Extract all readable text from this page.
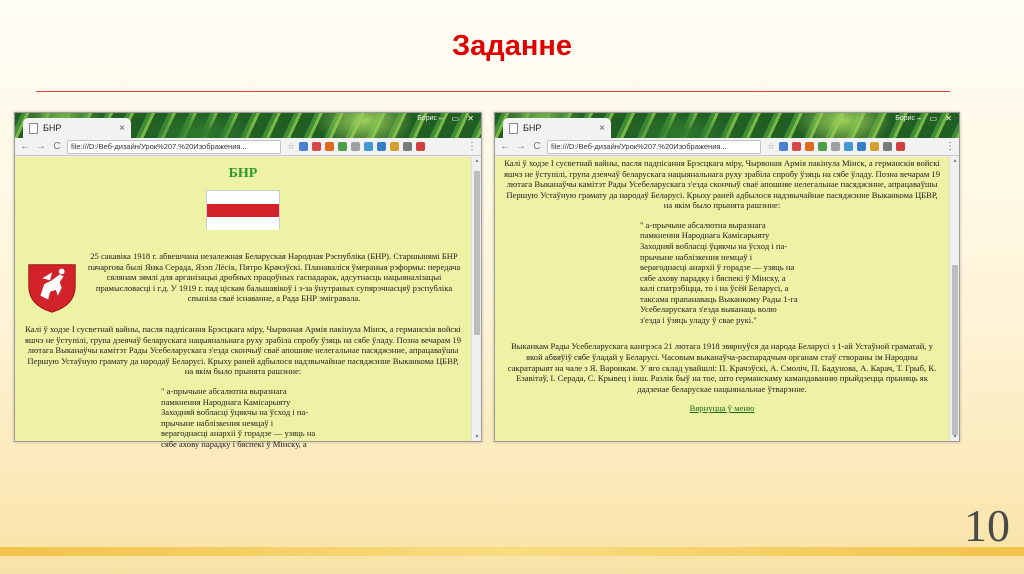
Заданне
БНР	×
Борис – ▭ ✕
← → C	file:///D:/Веб-дизайн/Урок%207.%20Изображения...	☆	⋮
БНР
25 сакавіка 1918 г. абвешчана незалежная Беларуская Народная Рэспубліка (БНР). Старшынямі БНР пачаргова былі Янка Серада, Язэп Лёсік, Пятро Крачэўскі. Планаваліся ўмераныя рэформы: передача сялянам зямлі для арганізацыі дробных працоўных гаспадарак, адсутнасць нацыяналізацыі прамысловасці і г.д. У 1919 г. пад ціскам бальшавікоў і з-за ўнутраных супярэчнасцяў рэспубліка спыніла сваё існаванне, а Рада БНР эмігравала.

Калі ў ходзе І сусветнай вайны, пасля падпісання Брэсцкага міру, Чырвоная Армія пакінула Мінск, а германскія войскі яшчэ не ўступілі, група дзеячаў беларускага нацыянальнага руху зрабіла спробу ўзяць на сябе ўладу. Позна вечарам 19 лютага Выканаўчы камітэт Рады Усебеларускага з'езда скончыў сваё апошняе нелегальнае пасяджэнне, апрацаваўшы Першую Устаўную грамату да народаў Беларусі. Крыху раней адбылося надзвычайнае пасяджэнне Выканкома ЦБВР, на якім было прынята рашэнне:

" а-прычыне абсалютна выразнага
памкнення Народнага Камісарыяту
Заходняй вобласці ўцякчы на ўсход і па-
прычыне наблізкення немцаў і
верагоднасці анархіі ў горадзе — узяць на
сябе ахову парадку і бяспекі ў Мінску, а
▲
▼
БНР	×
Борис – ▭ ✕
← → C	file:///D:/Веб-дизайн/Урок%207.%20Изображения...	☆	⋮

Калі ў ходзе І сусветнай вайны, пасля падпісання Брэсцкага міру, Чырвоная Армія пакінула Мінск, а германскія войскі яшчэ не ўступілі, група дзеячаў беларускага нацыянальнага руху зрабіла спробу ўзяць на сябе ўладу. Позна вечарам 19 лютага Выканаўчы камітэт Рады Усебеларускага з'езда скончыў сваё апошняе нелегальнае пасяджэнне, апрацаваўшы Першую Устаўную грамату да народаў Беларусі. Крыху раней адбылося надзвычайнае пасяджэнне Выканкома ЦБВР, на якім было прынята рашэнне:

" а-прычыне абсалютна выразнага
памкнення Народнага Камісарыяту
Заходняй вобласці ўцякчы на ўсход і па-
прычыне наблізкення немцаў і
верагоднасці анархіі ў горадзе — узяць на
сябе ахову парадку і бяспекі ў Мінску, а
калі спатрэбіцца, то і на ўсёй Беларусі, а
таксама прапанаваць Выканкому Рады 1-га
Усебеларускага з'езда выканаць волю
з'езда і ўзяць уладу ў свае рукі."

Выканкам Рады Усебеларускага кангрэса 21 лютага 1918 звярнуўся да народа Беларусі з 1-ай Устаўной граматай, у якой абвяўіў сябе ўладай у Беларусі. Часовым выканаўча-распарадчым органам стаў створаны ім Народны сакратарыят на чале з Я. Варонкам. У яго склад увайшлі: П. Крачэўскі, А. Смоліч, П. Бадунова, А. Карач, Т. Грыб, К. Езавітаў, І. Серада, С. Крывец і інш. Разлік быў на тое, што германскаму камандаванню прыйдзецца прыняць як дадзенае беларускае нацыянальнае ўтварэнне.

Вярнуцца ў меню
▲
▼
10
